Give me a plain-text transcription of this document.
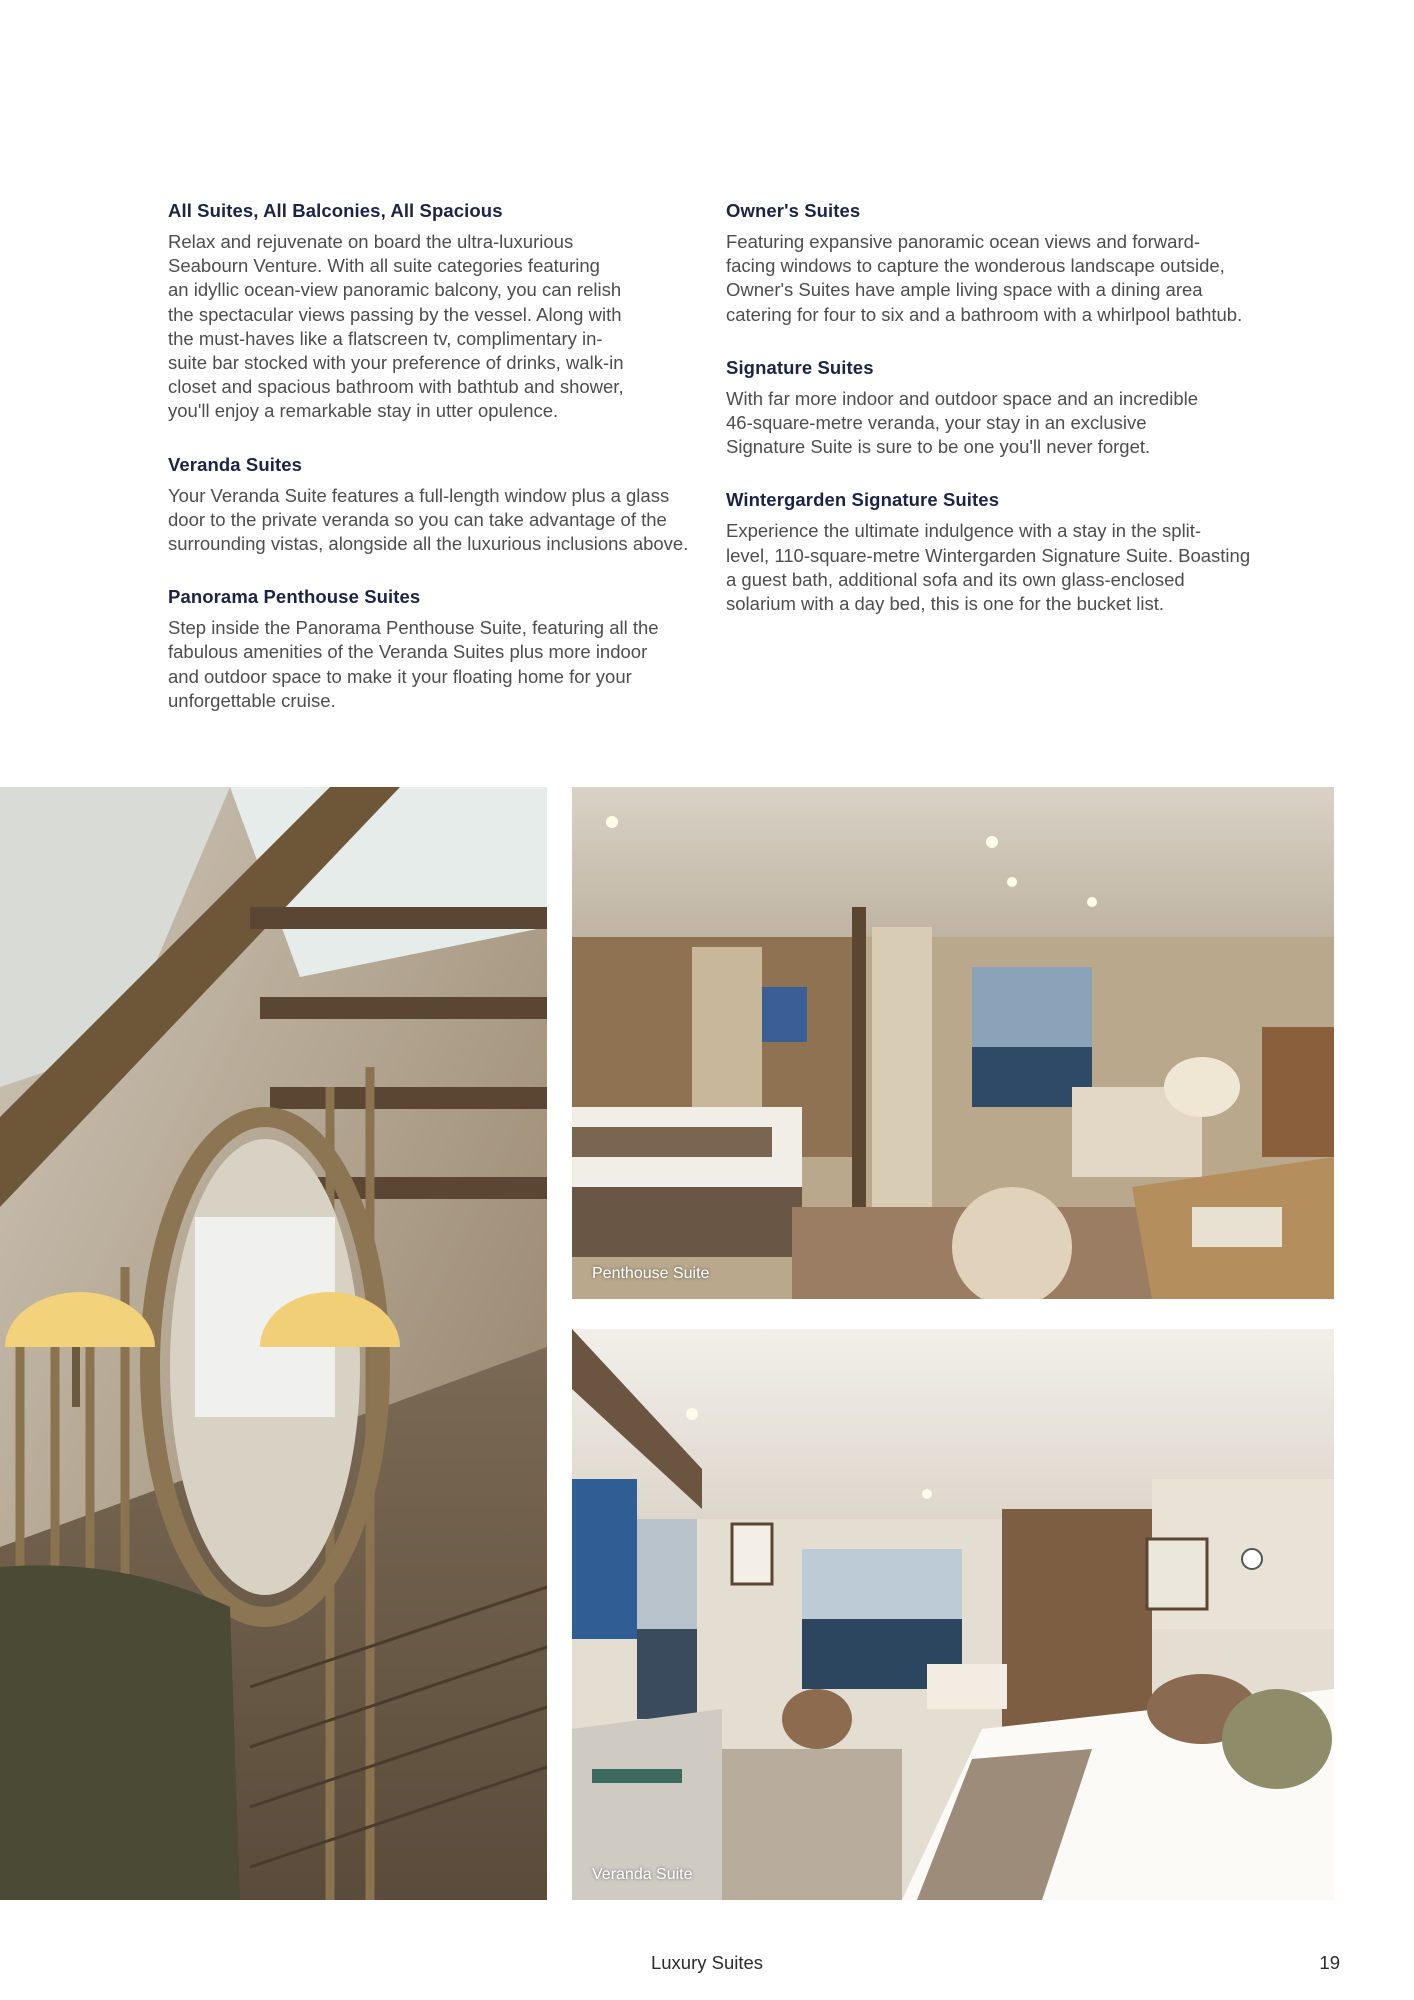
All Suites, All Balconies, All Spacious

Relax and rejuvenate on board the ultra-luxurious
Seabourn Venture. With all suite categories featuring
an idyllic ocean-view panoramic balcony, you can relish
the spectacular views passing by the vessel. Along with
the must-haves like a flatscreen tv, complimentary in-
suite bar stocked with your preference of drinks, walk-in
closet and spacious bathroom with bathtub and shower,
you'll enjoy a remarkable stay in utter opulence.

Veranda Suites

Your Veranda Suite features a full-length window plus a glass
door to the private veranda so you can take advantage of the
surrounding vistas, alongside all the luxurious inclusions above.

Panorama Penthouse Suites

Step inside the Panorama Penthouse Suite, featuring all the
fabulous amenities of the Veranda Suites plus more indoor
and outdoor space to make it your floating home for your
unforgettable cruise.

Owner's Suites

Featuring expansive panoramic ocean views and forward-
facing windows to capture the wonderous landscape outside,
Owner's Suites have ample living space with a dining area
catering for four to six and a bathroom with a whirlpool bathtub.

Signature Suites

With far more indoor and outdoor space and an incredible
46-square-metre veranda, your stay in an exclusive
Signature Suite is sure to be one you'll never forget.

Wintergarden Signature Suites

Experience the ultimate indulgence with a stay in the split-
level, 110-square-metre Wintergarden Signature Suite. Boasting
a guest bath, additional sofa and its own glass-enclosed
solarium with a day bed, this is one for the bucket list.

Penthouse Suite
Veranda Suite
Luxury Suites	19
